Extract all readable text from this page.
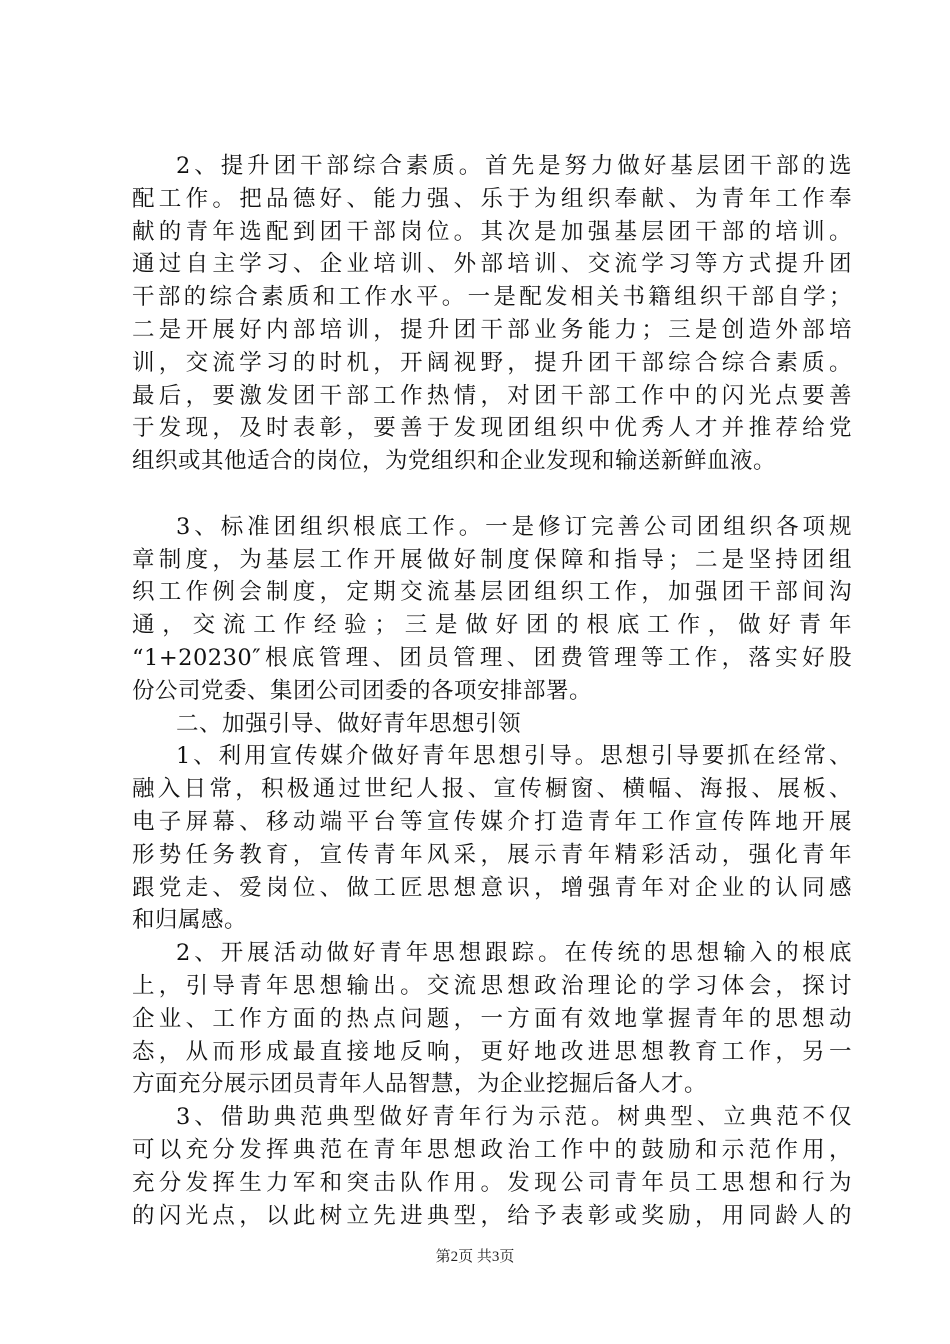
2、提升团干部综合素质。首先是努力做好基层团干部的选
配工作。把品德好、能力强、乐于为组织奉献、为青年工作奉
献的青年选配到团干部岗位。其次是加强基层团干部的培训。
通过自主学习、企业培训、外部培训、交流学习等方式提升团
干部的综合素质和工作水平。一是配发相关书籍组织干部自学；
二是开展好内部培训，提升团干部业务能力；三是创造外部培
训，交流学习的时机，开阔视野，提升团干部综合综合素质。
最后，要激发团干部工作热情，对团干部工作中的闪光点要善
于发现，及时表彰，要善于发现团组织中优秀人才并推荐给党
组织或其他适合的岗位，为党组织和企业发现和输送新鲜血液。
3、标准团组织根底工作。一是修订完善公司团组织各项规
章制度，为基层工作开展做好制度保障和指导；二是坚持团组
织工作例会制度，定期交流基层团组织工作，加强团干部间沟
通，交流工作经验；三是做好团的根底工作，做好青年
“1+20230″根底管理、团员管理、团费管理等工作，落实好股
份公司党委、集团公司团委的各项安排部署。
二、加强引导、做好青年思想引领
1、利用宣传媒介做好青年思想引导。思想引导要抓在经常、
融入日常，积极通过世纪人报、宣传橱窗、横幅、海报、展板、
电子屏幕、移动端平台等宣传媒介打造青年工作宣传阵地开展
形势任务教育，宣传青年风采，展示青年精彩活动，强化青年
跟党走、爱岗位、做工匠思想意识，增强青年对企业的认同感
和归属感。
2、开展活动做好青年思想跟踪。在传统的思想输入的根底
上，引导青年思想输出。交流思想政治理论的学习体会，探讨
企业、工作方面的热点问题，一方面有效地掌握青年的思想动
态，从而形成最直接地反响，更好地改进思想教育工作，另一
方面充分展示团员青年人品智慧，为企业挖掘后备人才。
3、借助典范典型做好青年行为示范。树典型、立典范不仅
可以充分发挥典范在青年思想政治工作中的鼓励和示范作用，
充分发挥生力军和突击队作用。发现公司青年员工思想和行为
的闪光点，以此树立先进典型，给予表彰或奖励，用同龄人的
第2页 共3页
